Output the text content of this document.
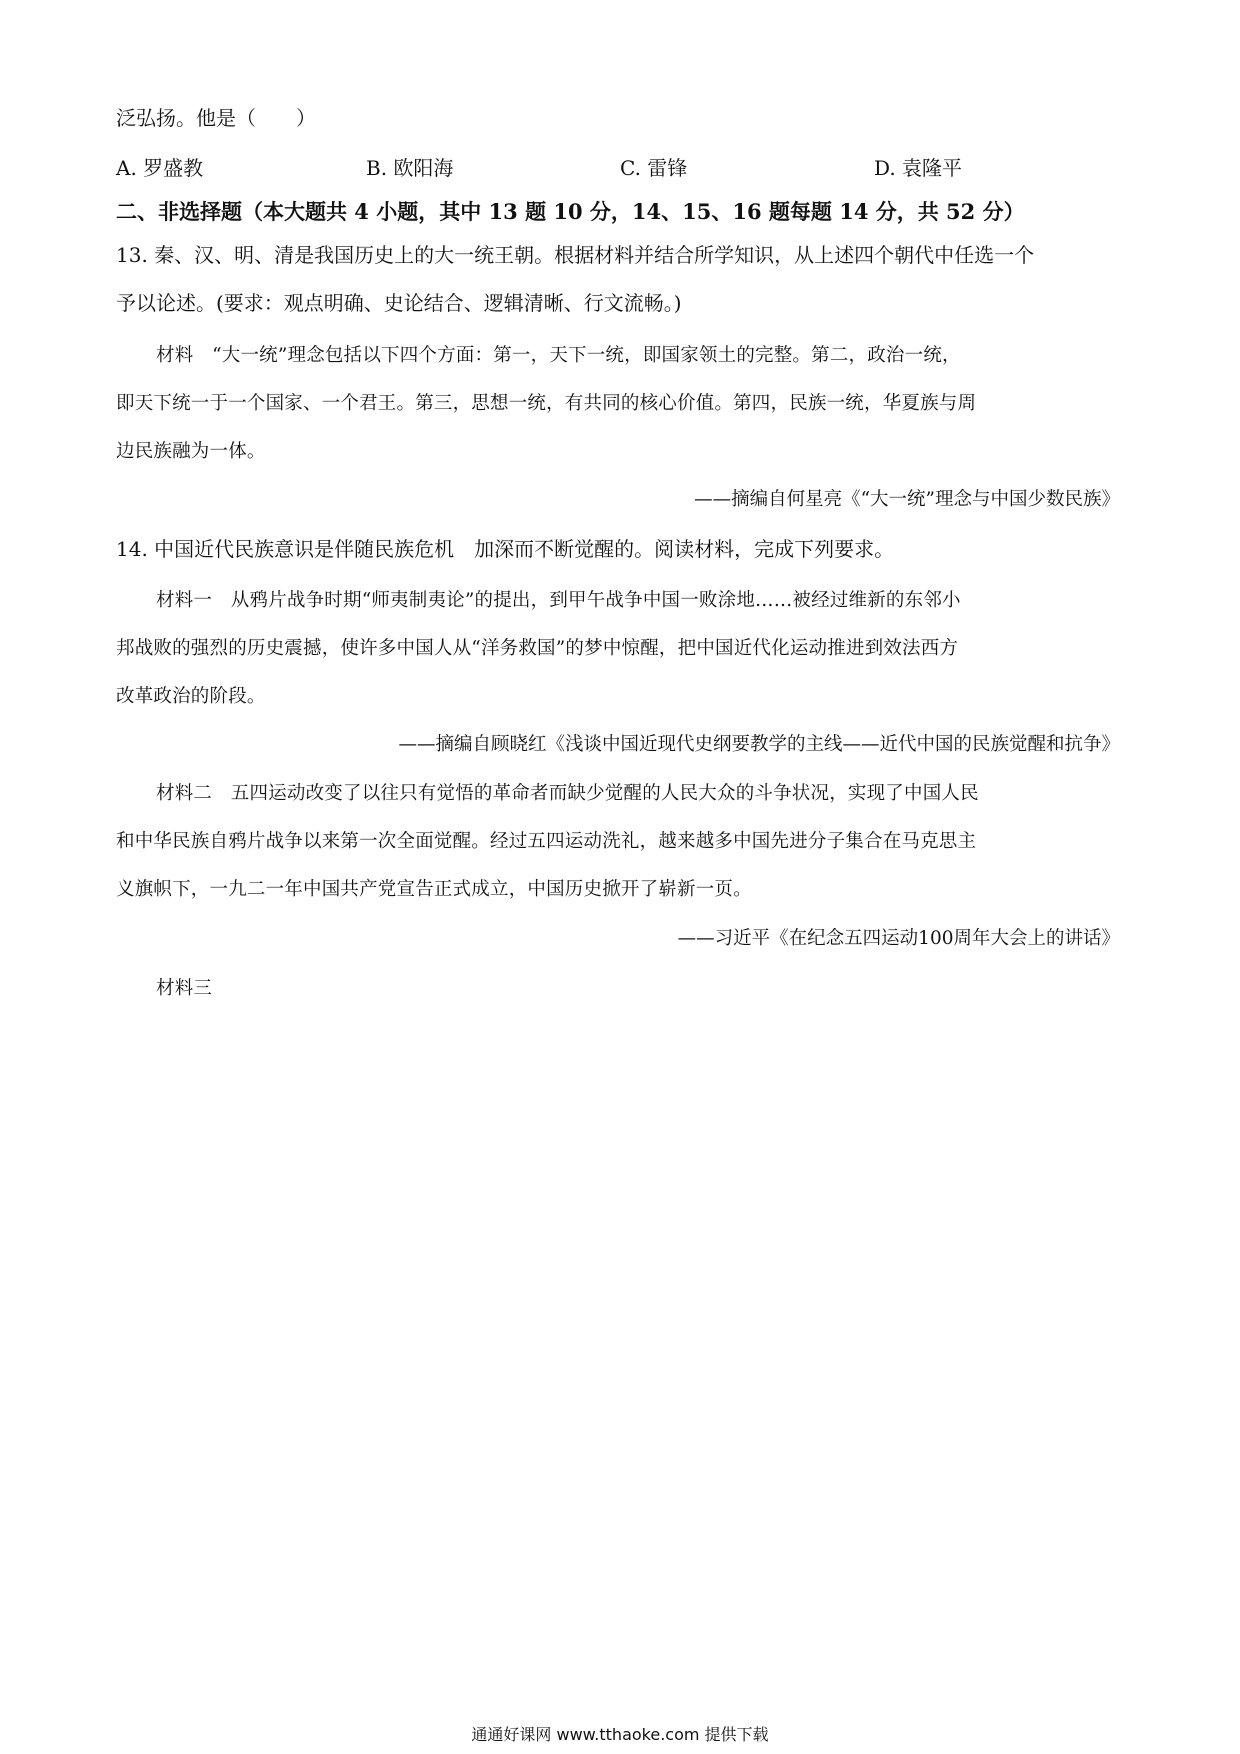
泛弘扬。他是（　　）
A. 罗盛教	B. 欧阳海	C. 雷锋	D. 袁隆平
二、非选择题（本大题共 4 小题，其中 13 题 10 分，14、15、16 题每题 14 分，共 52 分）
13. 秦、汉、明、清是我国历史上的大一统王朝。根据材料并结合所学知识，从上述四个朝代中任选一个
予以论述。(要求：观点明确、史论结合、逻辑清晰、行文流畅。)
材料　“大一统”理念包括以下四个方面：第一，天下一统，即国家领土的完整。第二，政治一统，
即天下统一于一个国家、一个君王。第三，思想一统，有共同的核心价值。第四，民族一统，华夏族与周
边民族融为一体。
——摘编自何星亮《“大一统”理念与中国少数民族》
14. 中国近代民族意识是伴随民族危机　加深而不断觉醒的。阅读材料，完成下列要求。
材料一　从鸦片战争时期“师夷制夷论”的提出，到甲午战争中国一败涂地……被经过维新的东邻小
邦战败的强烈的历史震撼，使许多中国人从“洋务救国”的梦中惊醒，把中国近代化运动推进到效法西方
改革政治的阶段。
——摘编自顾晓红《浅谈中国近现代史纲要教学的主线——近代中国的民族觉醒和抗争》
材料二　五四运动改变了以往只有觉悟的革命者而缺少觉醒的人民大众的斗争状况，实现了中国人民
和中华民族自鸦片战争以来第一次全面觉醒。经过五四运动洗礼，越来越多中国先进分子集合在马克思主
义旗帜下，一九二一年中国共产党宣告正式成立，中国历史掀开了崭新一页。
——习近平《在纪念五四运动100周年大会上的讲话》
材料三
通通好课网 www.tthaoke.com 提供下载
